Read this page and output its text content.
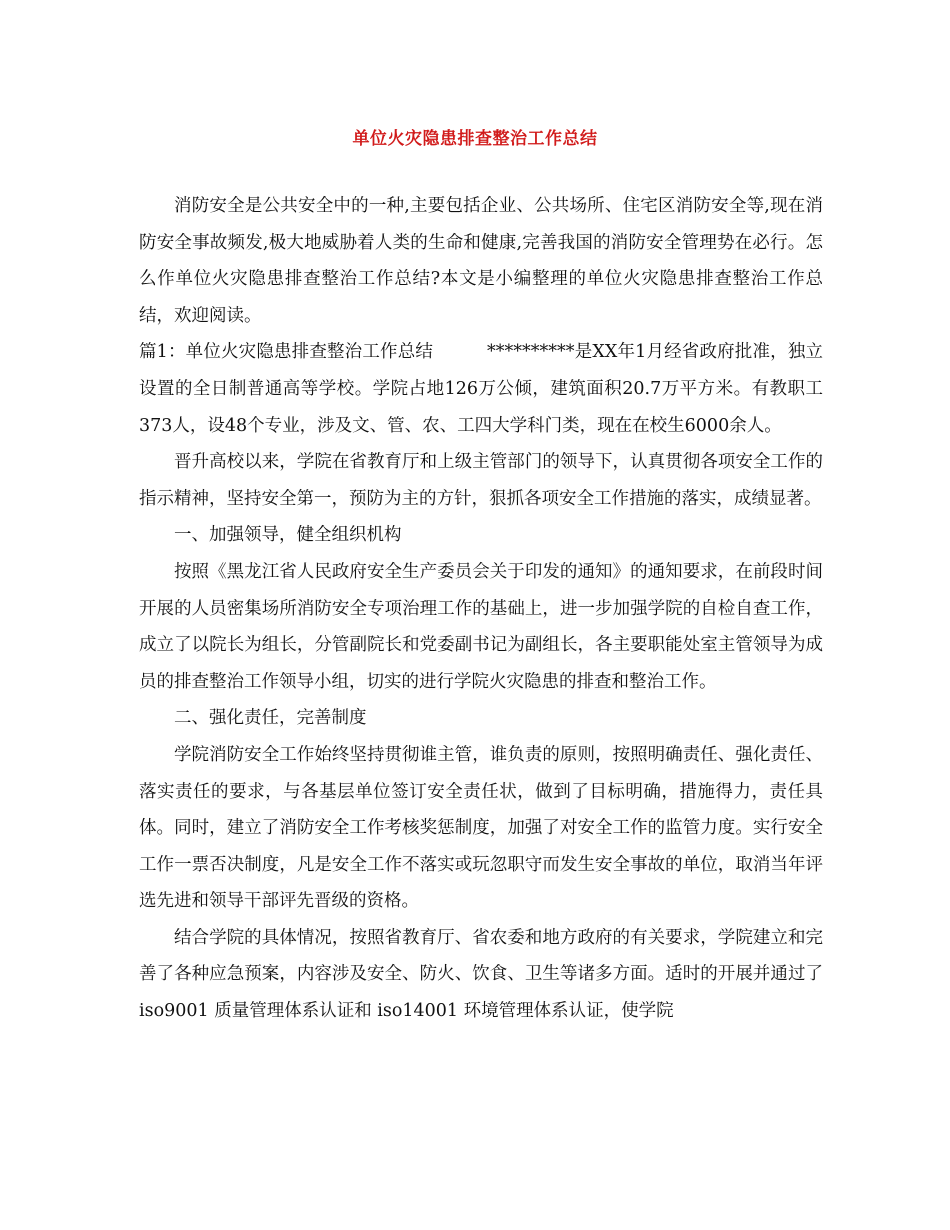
单位火灾隐患排查整治工作总结

消防安全是公共安全中的一种,主要包括企业、公共场所、住宅区消防安全等,现在消防安全事故频发,极大地威胁着人类的生命和健康,完善我国的消防安全管理势在必行。怎么作单位火灾隐患排查整治工作总结?本文是小编整理的单位火灾隐患排查整治工作总结，欢迎阅读。

篇1：单位火灾隐患排查整治工作总结	**********是XX年1月经省政府批准，独立设置的全日制普通高等学校。学院占地126万公倾，建筑面积20.7万平方米。有教职工373人，设48个专业，涉及文、管、农、工四大学科门类，现在在校生6000余人。

晋升高校以来，学院在省教育厅和上级主管部门的领导下，认真贯彻各项安全工作的指示精神，坚持安全第一，预防为主的方针，狠抓各项安全工作措施的落实，成绩显著。

一、加强领导，健全组织机构

按照《黑龙江省人民政府安全生产委员会关于印发的通知》的通知要求，在前段时间开展的人员密集场所消防安全专项治理工作的基础上，进一步加强学院的自检自查工作，成立了以院长为组长，分管副院长和党委副书记为副组长，各主要职能处室主管领导为成员的排查整治工作领导小组，切实的进行学院火灾隐患的排查和整治工作。

二、强化责任，完善制度

学院消防安全工作始终坚持贯彻谁主管，谁负责的原则，按照明确责任、强化责任、落实责任的要求，与各基层单位签订安全责任状，做到了目标明确，措施得力，责任具体。同时，建立了消防安全工作考核奖惩制度，加强了对安全工作的监管力度。实行安全工作一票否决制度，凡是安全工作不落实或玩忽职守而发生安全事故的单位，取消当年评选先进和领导干部评先晋级的资格。

结合学院的具体情况，按照省教育厅、省农委和地方政府的有关要求，学院建立和完善了各种应急预案，内容涉及安全、防火、饮食、卫生等诸多方面。适时的开展并通过了 iso9001 质量管理体系认证和 iso14001 环境管理体系认证，使学院
